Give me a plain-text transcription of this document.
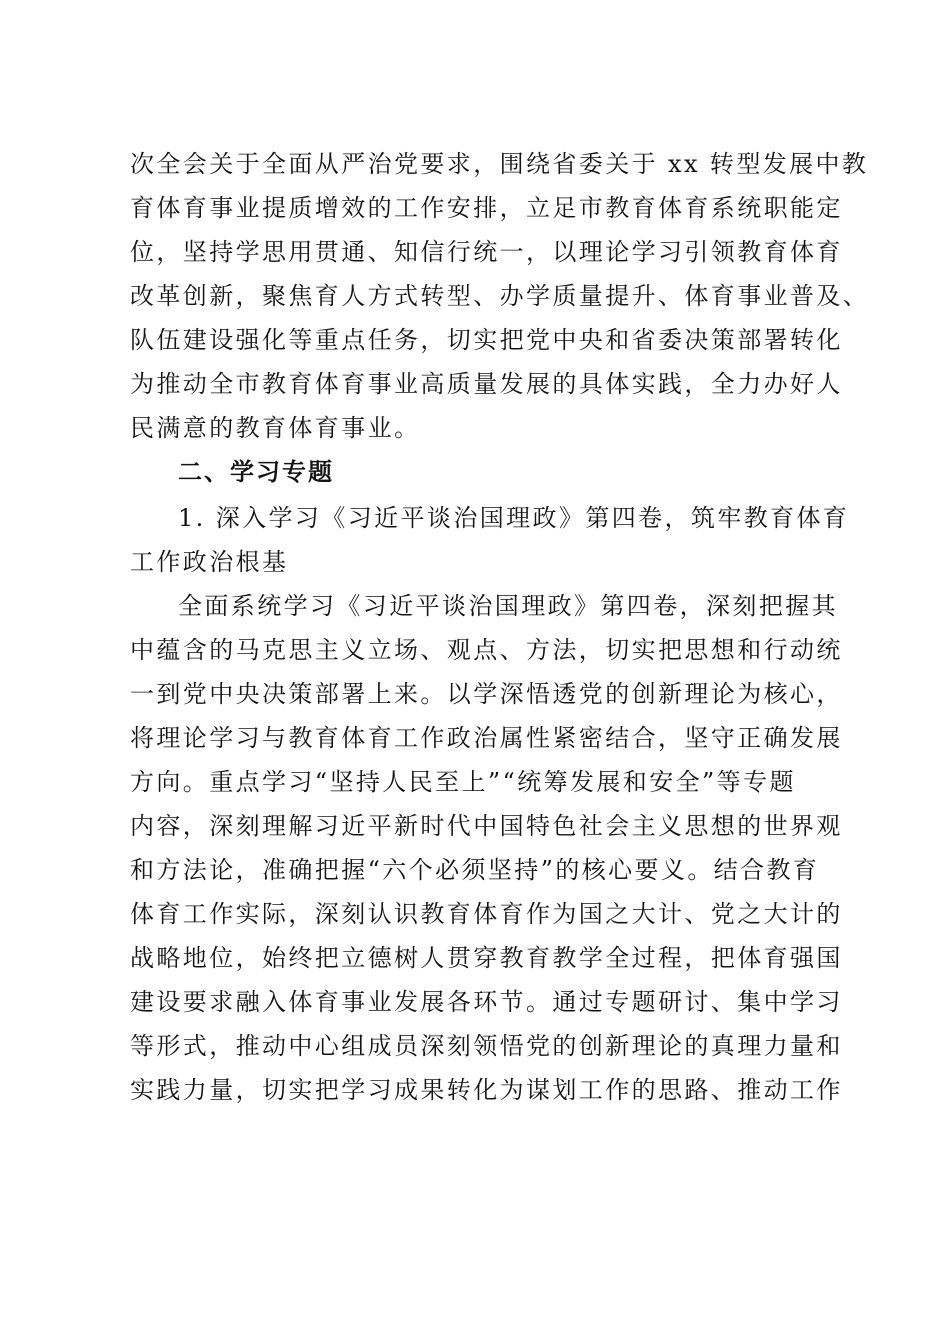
次全会关于全面从严治党要求，围绕省委关于 xx 转型发展中教
育体育事业提质增效的工作安排，立足市教育体育系统职能定
位，坚持学思用贯通、知信行统一，以理论学习引领教育体育
改革创新，聚焦育人方式转型、办学质量提升、体育事业普及、
队伍建设强化等重点任务，切实把党中央和省委决策部署转化
为推动全市教育体育事业高质量发展的具体实践，全力办好人
民满意的教育体育事业。
二、学习专题
1. 深入学习《习近平谈治国理政》第四卷，筑牢教育体育
工作政治根基
全面系统学习《习近平谈治国理政》第四卷，深刻把握其
中蕴含的马克思主义立场、观点、方法，切实把思想和行动统
一到党中央决策部署上来。以学深悟透党的创新理论为核心，
将理论学习与教育体育工作政治属性紧密结合，坚守正确发展
方向。重点学习“坚持人民至上”“统筹发展和安全”等专题
内容，深刻理解习近平新时代中国特色社会主义思想的世界观
和方法论，准确把握“六个必须坚持”的核心要义。结合教育
体育工作实际，深刻认识教育体育作为国之大计、党之大计的
战略地位，始终把立德树人贯穿教育教学全过程，把体育强国
建设要求融入体育事业发展各环节。通过专题研讨、集中学习
等形式，推动中心组成员深刻领悟党的创新理论的真理力量和
实践力量，切实把学习成果转化为谋划工作的思路、推动工作
